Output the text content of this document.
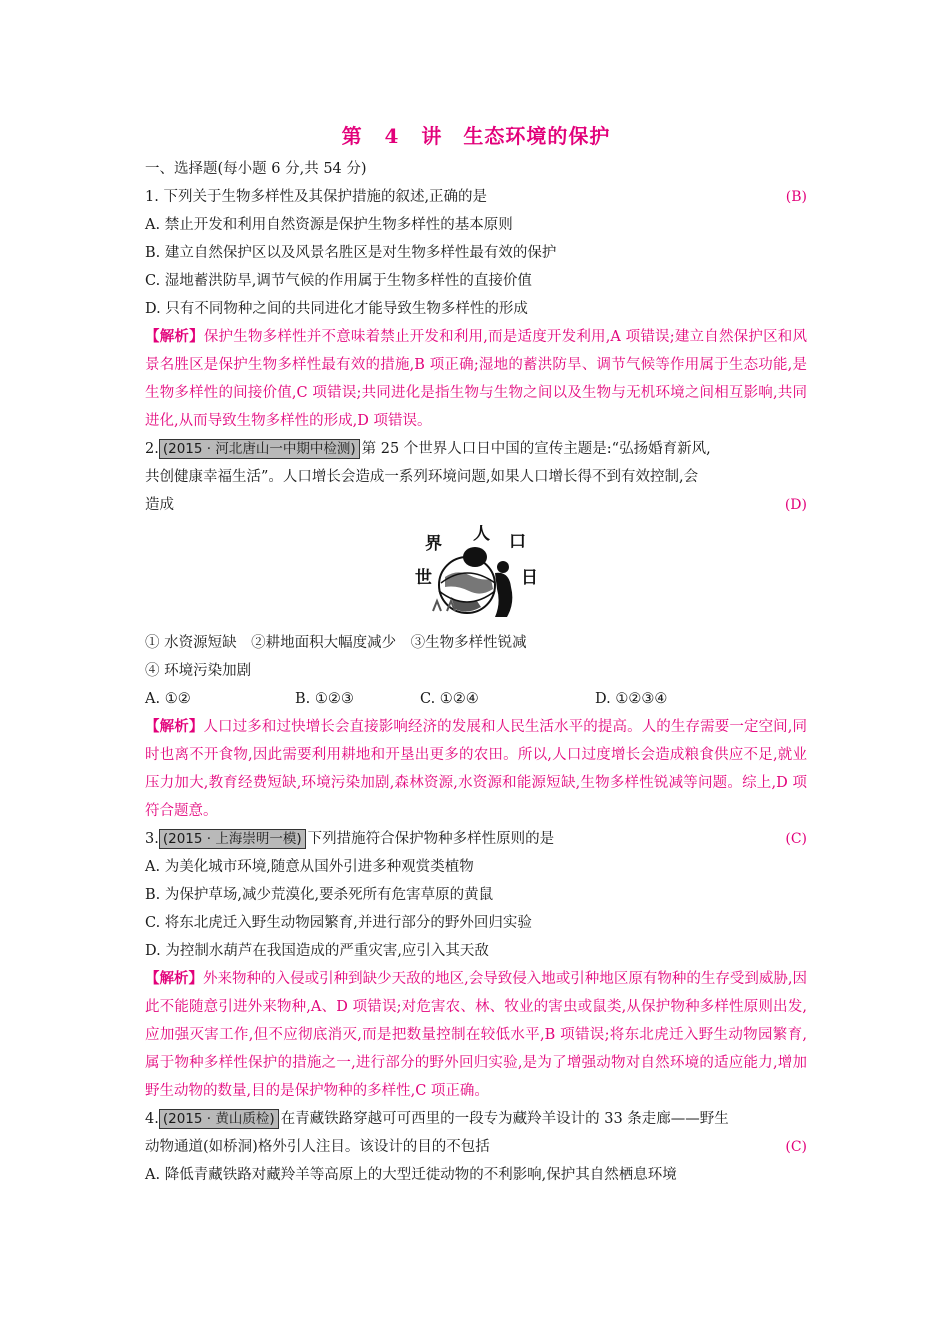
第 4 讲　生态环境的保护
一、选择题(每小题 6 分,共 54 分)
1. 下列关于生物多样性及其保护措施的叙述,正确的是	(B)
A. 禁止开发和利用自然资源是保护生物多样性的基本原则
B. 建立自然保护区以及风景名胜区是对生物多样性最有效的保护
C. 湿地蓄洪防旱,调节气候的作用属于生物多样性的直接价值
D. 只有不同物种之间的共同进化才能导致生物多样性的形成
【解析】保护生物多样性并不意味着禁止开发和利用,而是适度开发利用,A 项错误;建立自然保护区和风景名胜区是保护生物多样性最有效的措施,B 项正确;湿地的蓄洪防旱、调节气候等作用属于生态功能,是生物多样性的间接价值,C 项错误;共同进化是指生物与生物之间以及生物与无机环境之间相互影响,共同进化,从而导致生物多样性的形成,D 项错误。
2. (2015 · 河北唐山一中期中检测) 第 25 个世界人口日中国的宣传主题是:“弘扬婚育新风,
共创健康幸福生活”。人口增长会造成一系列环境问题,如果人口增长得不到有效控制,会
造成	(D)
世
界 人 口
日
① 水资源短缺　②耕地面积大幅度减少　③生物多样性锐减
④ 环境污染加剧
A. ①②	B. ①②③	C. ①②④	D. ①②③④
【解析】人口过多和过快增长会直接影响经济的发展和人民生活水平的提高。人的生存需要一定空间,同时也离不开食物,因此需要利用耕地和开垦出更多的农田。所以,人口过度增长会造成粮食供应不足,就业压力加大,教育经费短缺,环境污染加剧,森林资源,水资源和能源短缺,生物多样性锐减等问题。综上,D 项符合题意。
3. (2015 · 上海崇明一模) 下列措施符合保护物种多样性原则的是	(C)
A. 为美化城市环境,随意从国外引进多种观赏类植物
B. 为保护草场,减少荒漠化,要杀死所有危害草原的黄鼠
C. 将东北虎迁入野生动物园繁育,并进行部分的野外回归实验
D. 为控制水葫芦在我国造成的严重灾害,应引入其天敌
【解析】外来物种的入侵或引种到缺少天敌的地区,会导致侵入地或引种地区原有物种的生存受到威胁,因此不能随意引进外来物种,A、D 项错误;对危害农、林、牧业的害虫或鼠类,从保护物种多样性原则出发,应加强灭害工作,但不应彻底消灭,而是把数量控制在较低水平,B 项错误;将东北虎迁入野生动物园繁育,属于物种多样性保护的措施之一,进行部分的野外回归实验,是为了增强动物对自然环境的适应能力,增加野生动物的数量,目的是保护物种的多样性,C 项正确。
4. (2015 · 黄山质检) 在青藏铁路穿越可可西里的一段专为藏羚羊设计的 33 条走廊——野生
动物通道(如桥洞)格外引人注目。该设计的目的不包括	(C)
A. 降低青藏铁路对藏羚羊等高原上的大型迁徙动物的不利影响,保护其自然栖息环境
